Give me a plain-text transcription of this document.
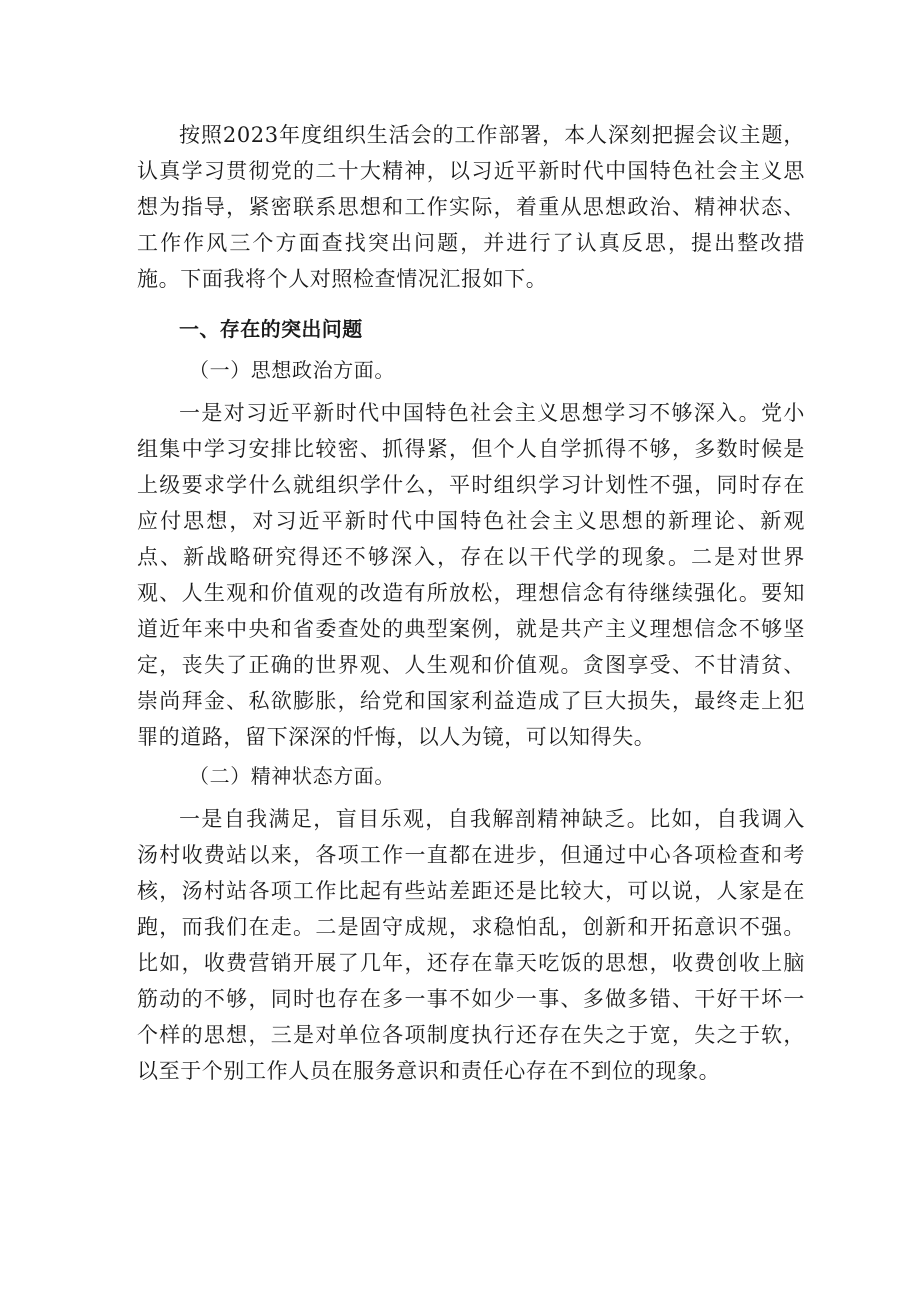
按照2023年度组织生活会的工作部署，本人深刻把握会议主题，认真学习贯彻党的二十大精神，以习近平新时代中国特色社会主义思想为指导，紧密联系思想和工作实际，着重从思想政治、精神状态、工作作风三个方面查找突出问题，并进行了认真反思，提出整改措施。下面我将个人对照检查情况汇报如下。

一、存在的突出问题

（一）思想政治方面。

一是对习近平新时代中国特色社会主义思想学习不够深入。党小组集中学习安排比较密、抓得紧，但个人自学抓得不够，多数时候是上级要求学什么就组织学什么，平时组织学习计划性不强，同时存在应付思想，对习近平新时代中国特色社会主义思想的新理论、新观点、新战略研究得还不够深入，存在以干代学的现象。二是对世界观、人生观和价值观的改造有所放松，理想信念有待继续强化。要知道近年来中央和省委查处的典型案例，就是共产主义理想信念不够坚定，丧失了正确的世界观、人生观和价值观。贪图享受、不甘清贫、崇尚拜金、私欲膨胀，给党和国家利益造成了巨大损失，最终走上犯罪的道路，留下深深的忏悔，以人为镜，可以知得失。

（二）精神状态方面。

一是自我满足，盲目乐观，自我解剖精神缺乏。比如，自我调入汤村收费站以来，各项工作一直都在进步，但通过中心各项检查和考核，汤村站各项工作比起有些站差距还是比较大，可以说，人家是在跑，而我们在走。二是固守成规，求稳怕乱，创新和开拓意识不强。比如，收费营销开展了几年，还存在靠天吃饭的思想，收费创收上脑筋动的不够，同时也存在多一事不如少一事、多做多错、干好干坏一个样的思想，三是对单位各项制度执行还存在失之于宽，失之于软，以至于个别工作人员在服务意识和责任心存在不到位的现象。
